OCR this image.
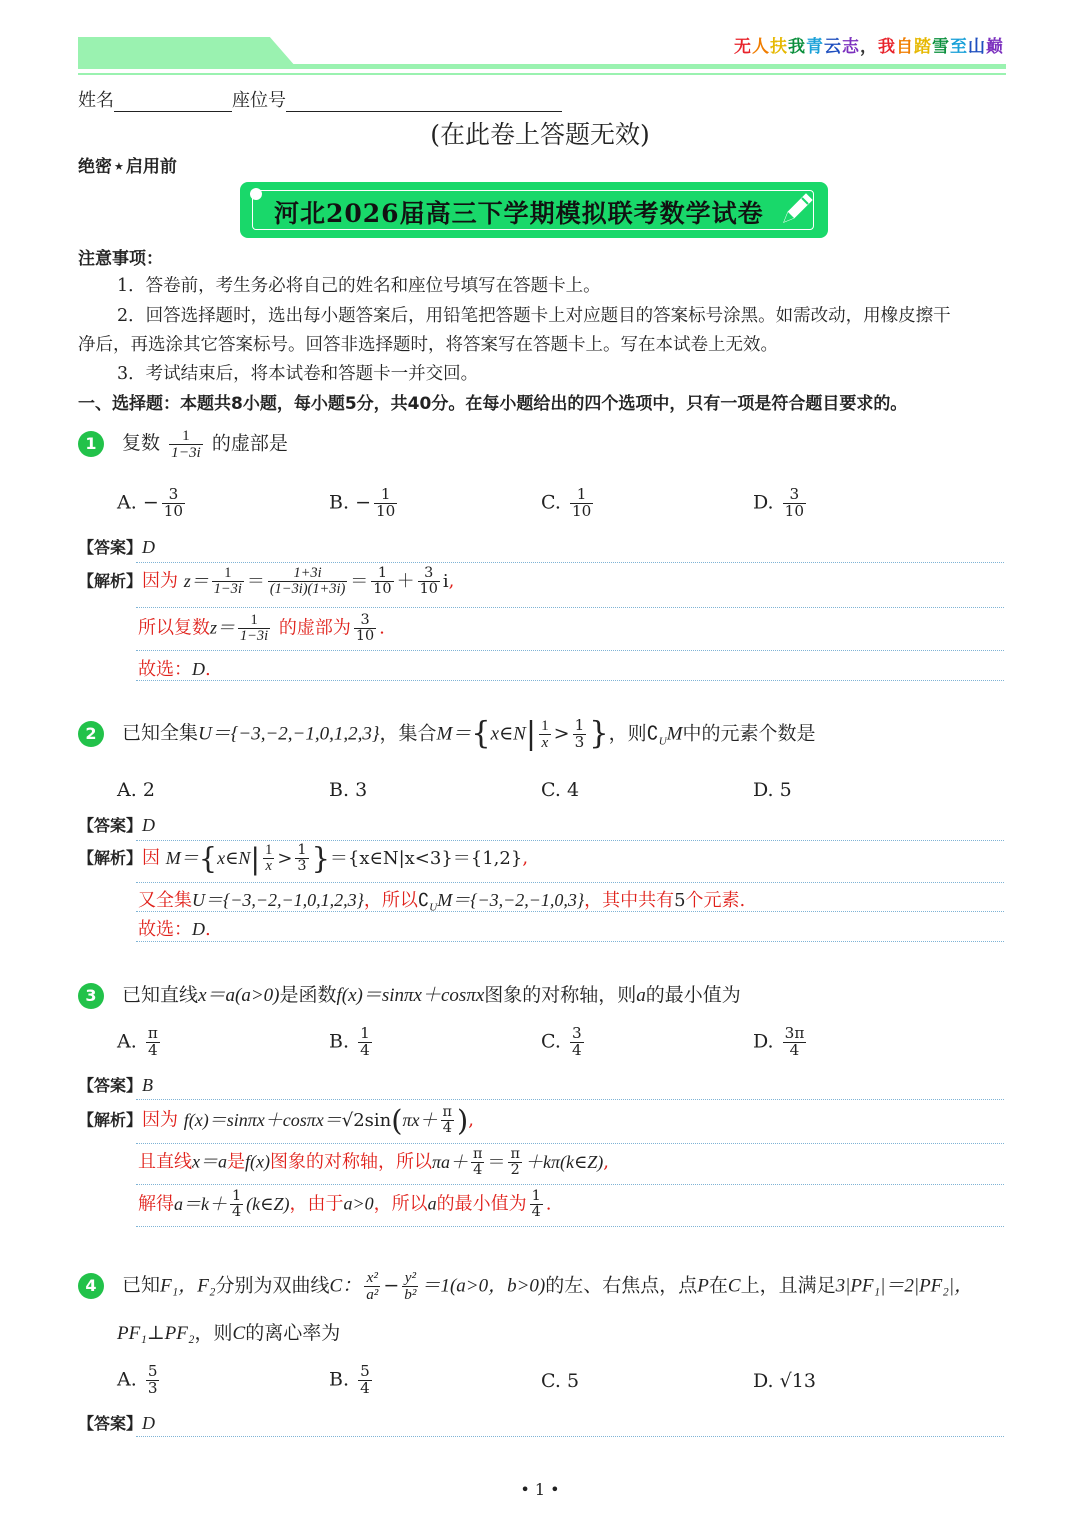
无人扶我青云志，我自踏雪至山巅
姓名	座位号
(在此卷上答题无效)
绝密 ★ 启用前
河北2026届高三下学期模拟联考数学试卷
注意事项：
1．答卷前，考生务必将自己的姓名和座位号填写在答题卡上。
2．回答选择题时，选出每小题答案后，用铅笔把答题卡上对应题目的答案标号涂黑。如需改动，用橡皮擦干
净后，再选涂其它答案标号。回答非选择题时，将答案写在答题卡上。写在本试卷上无效。
3．考试结束后，将本试卷和答题卡一并交回。
一、选择题：本题共8小题，每小题5分，共40分。在每小题给出的四个选项中，只有一项是符合题目要求的。
1 复数 $\frac{1}{1-3i}$ 的虚部是
A. − $\frac{3}{10}$	B. − $\frac{1}{10}$	C. $\frac{1}{10}$	D. $\frac{3}{10}$
【答案】D
【解析】因为 $z= \frac{1}{1-3i} = \frac{1+3i}{(1-3i)(1+3i)} = \frac{1}{10} + \frac{3}{10} i$,
所以复数$z= \frac{1}{1-3i}$ 的虚部为 $\frac{3}{10}$ .
故选：D.
2 已知全集U＝{−3,−2,−1,0,1,2,3}，集合M＝{x∈N| $\frac{1}{x} > \frac{1}{3}$ }，则$∁_UM$中的元素个数是
A. 2	B. 3	C. 4	D. 5
【答案】D
【解析】因 M＝{x∈N| $\frac{1}{x} > \frac{1}{3}$ }＝{x∈N|x<3}＝{1,2},
又全集U＝{−3,−2,−1,0,1,2,3}，所以$∁_UM=\{-3,-2,-1,0,3\}$，其中共有5个元素.
故选：D.
3 已知直线x＝a(a>0)是函数f(x)＝sinπx＋cosπx图象的对称轴，则a的最小值为
A. $\frac{\pi}{4}$	B. $\frac{1}{4}$	C. $\frac{3}{4}$	D. $\frac{3\pi}{4}$
【答案】B
【解析】因为 $f(x)=\sin\pi x+\cos\pi x=√2\sin(\pi x+ \frac{\pi}{4}$ ),
且直线x＝a是f(x)图象的对称轴，所以$\pi a+ \frac{\pi}{4} = \frac{\pi}{2}$ ＋kπ(k∈Z),
解得$a=k+ \frac{1}{4}$ (k∈Z)，由于a>0，所以a的最小值为 $\frac{1}{4}$ .
4 已知F₁，F₂分别为双曲线C： $\frac{\text{x²}}{\text{a²}} - \frac{\text{y²}}{\text{b²}} =1(a>0$，b>0)的左、右焦点，点P在C上，且满足3|PF₁|＝2|PF₂|，
PF₁⊥PF₂，则C的离心率为
A. $\frac{5}{3}$	B. $\frac{5}{4}$	C. 5	D. √13
【答案】D
• 1 •
